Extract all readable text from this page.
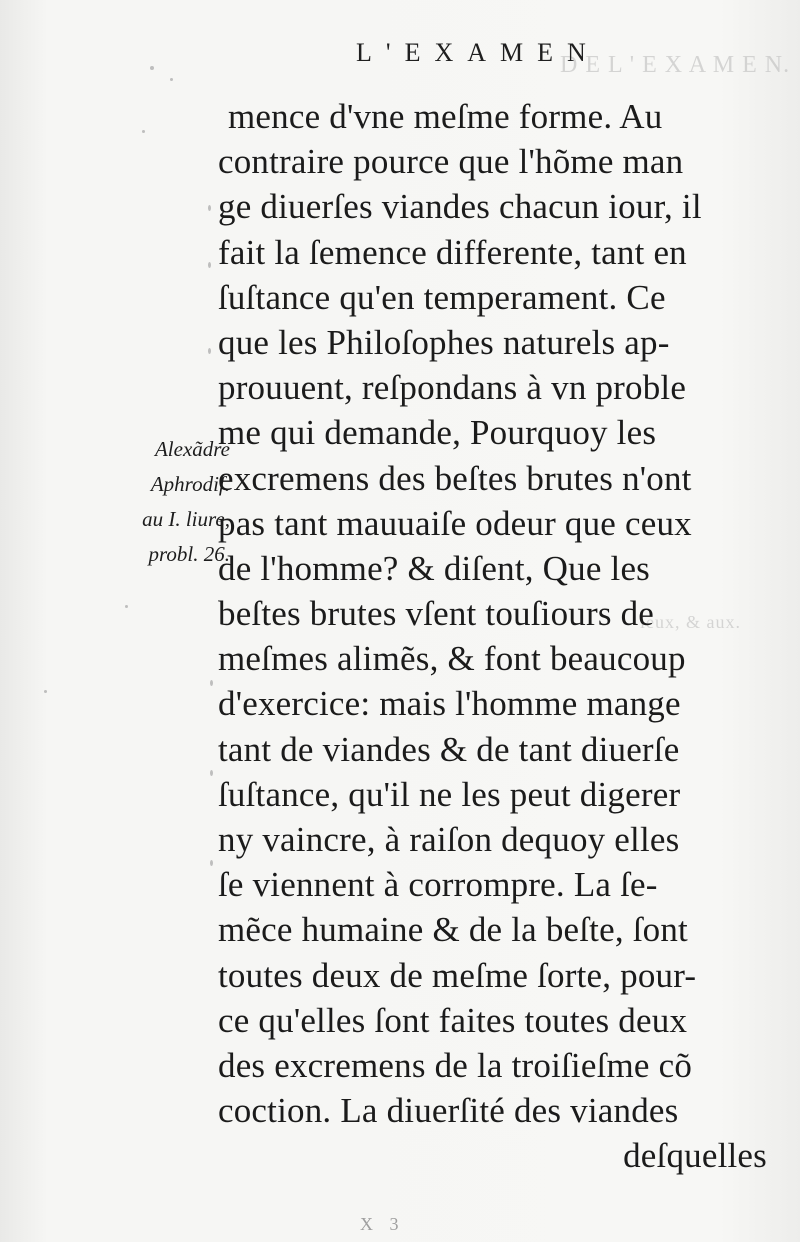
D E L ' E X A M E N.
ieux, & aux.
L'EXAMEN
Alexãdre
Aphrodiſ.
au I. liure,
probl. 26.
mence d'vne meſme forme. Au
contraire pource que l'hõme man
ge diuerſes viandes chacun iour, il
fait la ſemence differente, tant en
ſuſtance qu'en temperament. Ce
que les Philoſophes naturels ap-
prouuent, reſpondans à vn proble
me qui demande, Pourquoy les
excremens des beſtes brutes n'ont
pas tant mauuaiſe odeur que ceux
de l'homme? & diſent, Que les
beſtes brutes vſent touſiours de
meſmes alimẽs, & font beaucoup
d'exercice: mais l'homme mange
tant de viandes & de tant diuerſe
ſuſtance, qu'il ne les peut digerer
ny vaincre, à raiſon dequoy elles
ſe viennent à corrompre. La ſe-
mẽce humaine & de la beſte, ſont
toutes deux de meſme ſorte, pour-
ce qu'elles ſont faites toutes deux
des excremens de la troiſieſme cõ
coction. La diuerſité des viandes
deſquelles
X 3
